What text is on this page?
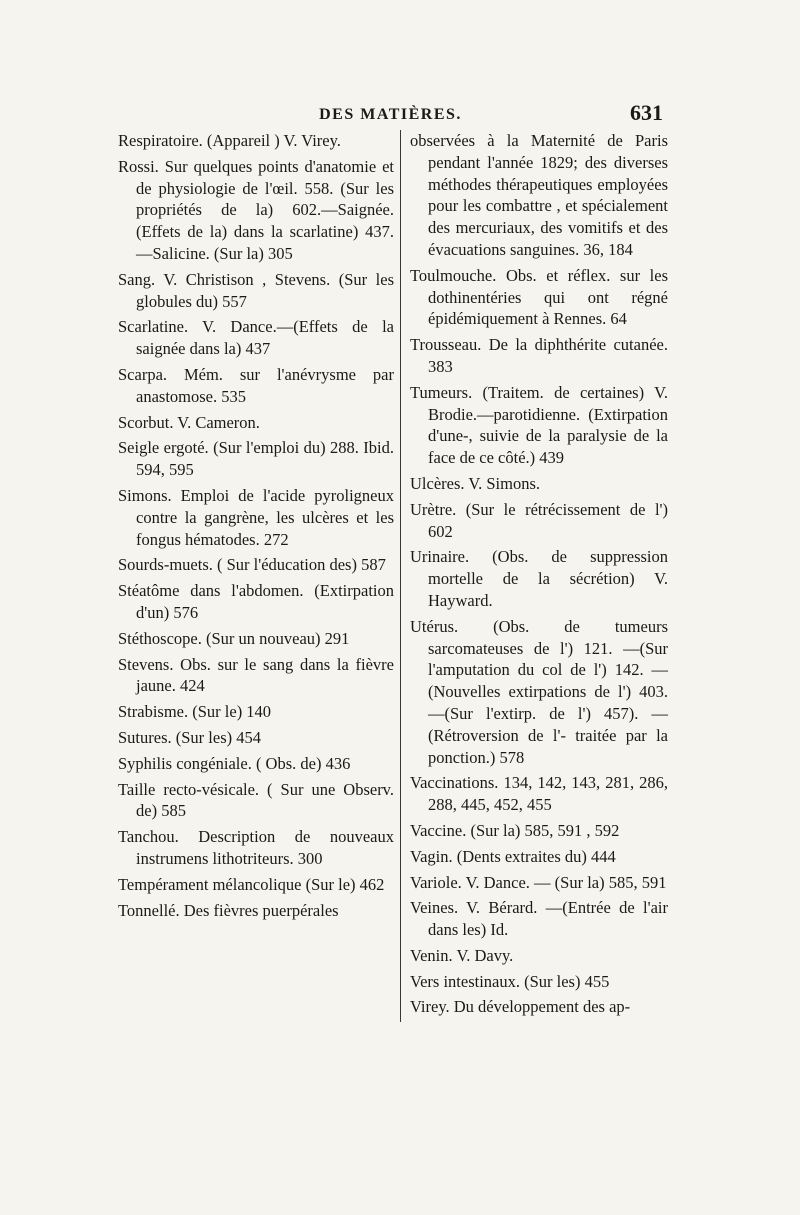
DES MATIÈRES.	631

Respiratoire. (Appareil ) V. Virey.

Rossi. Sur quelques points d'anatomie et de physiologie de l'œil. 558. (Sur les propriétés de la) 602.—Saignée. (Effets de la) dans la scarlatine) 437.—Salicine. (Sur la) 305

Sang. V. Christison , Stevens. (Sur les globules du) 557

Scarlatine. V. Dance.—(Effets de la saignée dans la) 437

Scarpa. Mém. sur l'anévrysme par anastomose. 535

Scorbut. V. Cameron.

Seigle ergoté. (Sur l'emploi du) 288. Ibid. 594, 595

Simons. Emploi de l'acide pyroligneux contre la gangrène, les ulcères et les fongus hématodes. 272

Sourds-muets. ( Sur l'éducation des) 587

Stéatôme dans l'abdomen. (Extirpation d'un) 576

Stéthoscope. (Sur un nouveau) 291

Stevens. Obs. sur le sang dans la fièvre jaune. 424

Strabisme. (Sur le) 140

Sutures. (Sur les) 454

Syphilis congéniale. ( Obs. de) 436

Taille recto-vésicale. ( Sur une Observ. de) 585

Tanchou. Description de nouveaux instrumens lithotriteurs. 300

Tempérament mélancolique (Sur le) 462

Tonnellé. Des fièvres puerpérales

observées à la Maternité de Paris pendant l'année 1829; des diverses méthodes thérapeutiques employées pour les combattre , et spécialement des mercuriaux, des vomitifs et des évacuations sanguines. 36, 184

Toulmouche. Obs. et réflex. sur les dothinentéries qui ont régné épidémiquement à Rennes. 64

Trousseau. De la diphthérite cutanée. 383

Tumeurs. (Traitem. de certaines) V. Brodie.—parotidienne. (Extirpation d'une-, suivie de la paralysie de la face de ce côté.) 439

Ulcères. V. Simons.

Urètre. (Sur le rétrécissement de l') 602

Urinaire. (Obs. de suppression mortelle de la sécrétion) V. Hayward.

Utérus. (Obs. de tumeurs sarcomateuses de l') 121. —(Sur l'amputation du col de l') 142. —(Nouvelles extirpations de l') 403. —(Sur l'extirp. de l') 457). —(Rétroversion de l'- traitée par la ponction.) 578

Vaccinations. 134, 142, 143, 281, 286, 288, 445, 452, 455

Vaccine. (Sur la) 585, 591 , 592

Vagin. (Dents extraites du) 444

Variole. V. Dance. — (Sur la) 585, 591

Veines. V. Bérard. —(Entrée de l'air dans les) Id.

Venin. V. Davy.

Vers intestinaux. (Sur les) 455

Virey. Du développement des ap-
